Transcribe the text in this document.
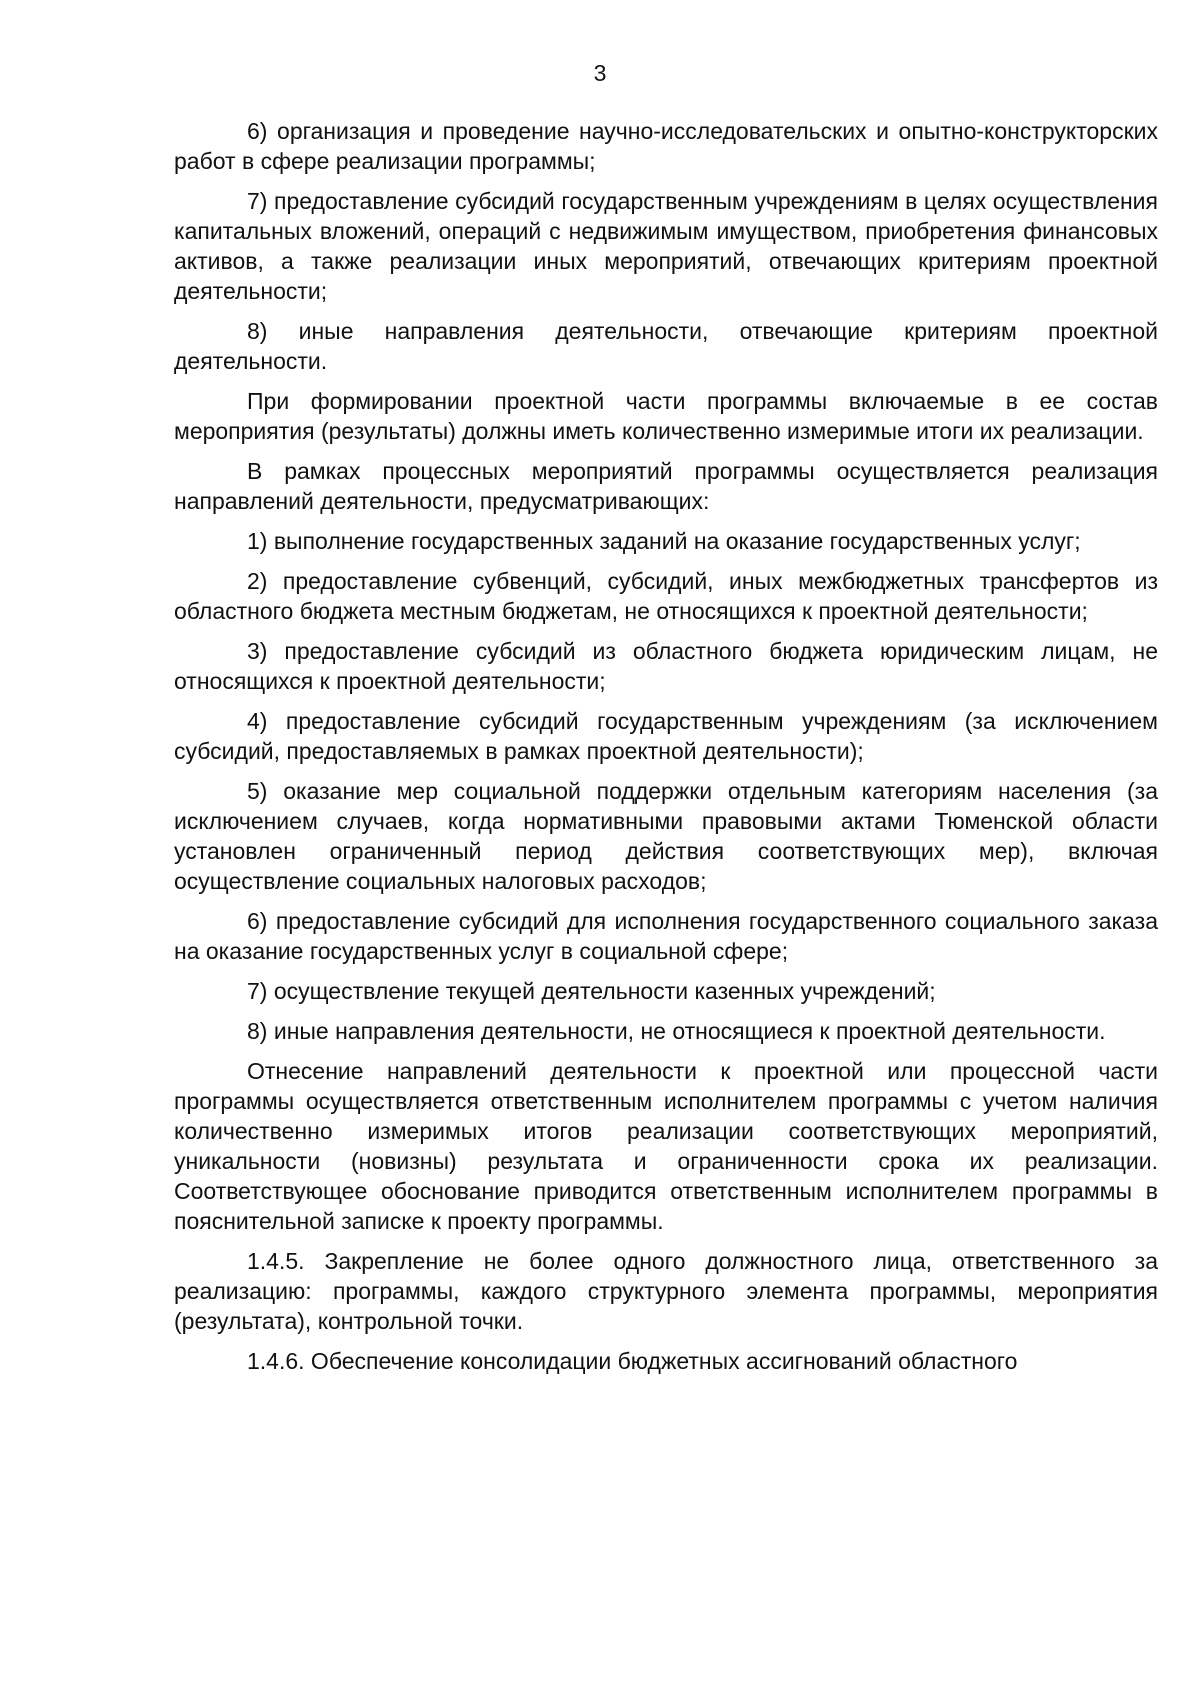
3

6) организация и проведение научно-исследовательских и опытно-конструкторских работ в сфере реализации программы;

7) предоставление субсидий государственным учреждениям в целях осуществления капитальных вложений, операций с недвижимым имуществом, приобретения финансовых активов, а также реализации иных мероприятий, отвечающих критериям проектной деятельности;

8) иные направления деятельности, отвечающие критериям проектной деятельности.

При формировании проектной части программы включаемые в ее состав мероприятия (результаты) должны иметь количественно измеримые итоги их реализации.

В рамках процессных мероприятий программы осуществляется реализация направлений деятельности, предусматривающих:

1) выполнение государственных заданий на оказание государственных услуг;

2) предоставление субвенций, субсидий, иных межбюджетных трансфертов из областного бюджета местным бюджетам, не относящихся к проектной деятельности;

3) предоставление субсидий из областного бюджета юридическим лицам, не относящихся к проектной деятельности;

4) предоставление субсидий государственным учреждениям (за исключением субсидий, предоставляемых в рамках проектной деятельности);

5) оказание мер социальной поддержки отдельным категориям населения (за исключением случаев, когда нормативными правовыми актами Тюменской области установлен ограниченный период действия соответствующих мер), включая осуществление социальных налоговых расходов;

6) предоставление субсидий для исполнения государственного социального заказа на оказание государственных услуг в социальной сфере;

7) осуществление текущей деятельности казенных учреждений;

8) иные направления деятельности, не относящиеся к проектной деятельности.

Отнесение направлений деятельности к проектной или процессной части программы осуществляется ответственным исполнителем программы с учетом наличия количественно измеримых итогов реализации соответствующих мероприятий, уникальности (новизны) результата и ограниченности срока их реализации. Соответствующее обоснование приводится ответственным исполнителем программы в пояснительной записке к проекту программы.

1.4.5. Закрепление не более одного должностного лица, ответственного за реализацию: программы, каждого структурного элемента программы, мероприятия (результата), контрольной точки.

1.4.6. Обеспечение консолидации бюджетных ассигнований областного
